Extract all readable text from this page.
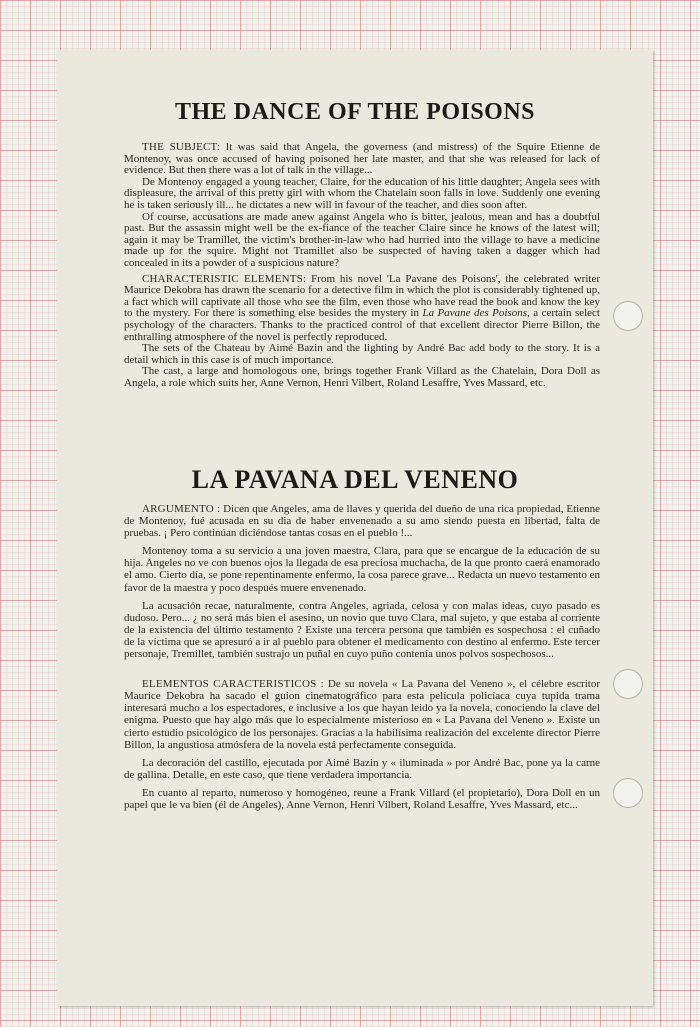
THE DANCE OF THE POISONS

THE SUBJECT: It was said that Angela, the governess (and mistress) of the Squire Etienne de Montenoy, was once accused of having poisoned her late master, and that she was released for lack of evidence. But then there was a lot of talk in the village...

De Montenoy engaged a young teacher, Claire, for the education of his little daughter; Angela sees with displeasure, the arrival of this pretty girl with whom the Chatelain soon falls in love. Suddenly one evening he is taken seriously ill... he dictates a new will in favour of the teacher, and dies soon after.

Of course, accusations are made anew against Angela who is bitter, jealous, mean and has a doubtful past. But the assassin might well be the ex-fiance of the teacher Claire since he knows of the latest will; again it may be Tramillet, the victim's brother-in-law who had hurried into the village to have a medicine made up for the squire. Might not Tramillet also be suspected of having taken a dagger which had concealed in its a powder of a suspicious nature?

CHARACTERISTIC ELEMENTS: From his novel 'La Pavane des Poisons', the celebrated writer Maurice Dekobra has drawn the scenario for a detective film in which the plot is considerably tightened up, a fact which will captivate all those who see the film, even those who have read the book and know the key to the mystery. For there is something else besides the mystery in La Pavane des Poisons, a certain select psychology of the characters. Thanks to the practiced control of that excellent director Pierre Billon, the enthralling atmosphere of the novel is perfectly reproduced.

The sets of the Chateau by Aimé Bazin and the lighting by André Bac add body to the story. It is a detail which in this case is of much importance.

The cast, a large and homologous one, brings together Frank Villard as the Chatelain, Dora Doll as Angela, a role which suits her, Anne Vernon, Henri Vilbert, Roland Lesaffre, Yves Massard, etc.

LA PAVANA DEL VENENO

ARGUMENTO : Dicen que Angeles, ama de llaves y querida del dueño de una rica propiedad, Etienne de Montenoy, fué acusada en su dia de haber envenenado a su amo siendo puesta en libertad, falta de pruebas. ¡ Pero continúan diciéndose tantas cosas en el pueblo !...

Montenoy toma a su servicio a una joven maestra, Clara, para que se encargue de la educación de su hija. Angeles no ve con buenos ojos la llegada de esa preciosa muchacha, de la que pronto caerá enamorado el amo. Cierto día, se pone repentinamente enfermo, la cosa parece grave... Redacta un nuevo testamento en favor de la maestra y poco después muere envenenado.

La acusación recae, naturalmente, contra Angeles, agriada, celosa y con malas ideas, cuyo pasado es dudoso. Pero... ¿ no será más bien el asesino, un novio que tuvo Clara, mal sujeto, y que estaba al corriente de la existencia del último testamento ? Existe una tercera persona que también es sospechosa : el cuñado de la víctima que se apresuró a ir al pueblo para obtener el medicamento con destino al enfermo. Este tercer personaje, Tremillet, también sustrajo un puñal en cuyo puño contenía unos polvos sospechosos...

ELEMENTOS CARACTERISTICOS : De su novela « La Pavana del Veneno », el célebre escritor Maurice Dekobra ha sacado el guion cinematográfico para esta película policíaca cuya tupida trama interesará mucho a los espectadores, e inclusive a los que hayan leido ya la novela, conociendo la clave del enigma. Puesto que hay algo más que lo especialmente misterioso en « La Pavana del Veneno ». Existe un cierto estudio psicológico de los personajes. Gracias a la habilísima realización del excelente director Pierre Billon, la angustiosa atmósfera de la novela está perfectamente conseguida.

La decoración del castillo, ejecutada por Aimé Bazin y « iluminada » por André Bac, pone ya la carne de gallina. Detalle, en este caso, que tiene verdadera importancia.

En cuanto al reparto, numeroso y homogéneo, reune a Frank Villard (el propietario), Dora Doll en un papel que le va bien (él de Angeles), Anne Vernon, Henri Vilbert, Roland Lesaffre, Yves Massard, etc...
